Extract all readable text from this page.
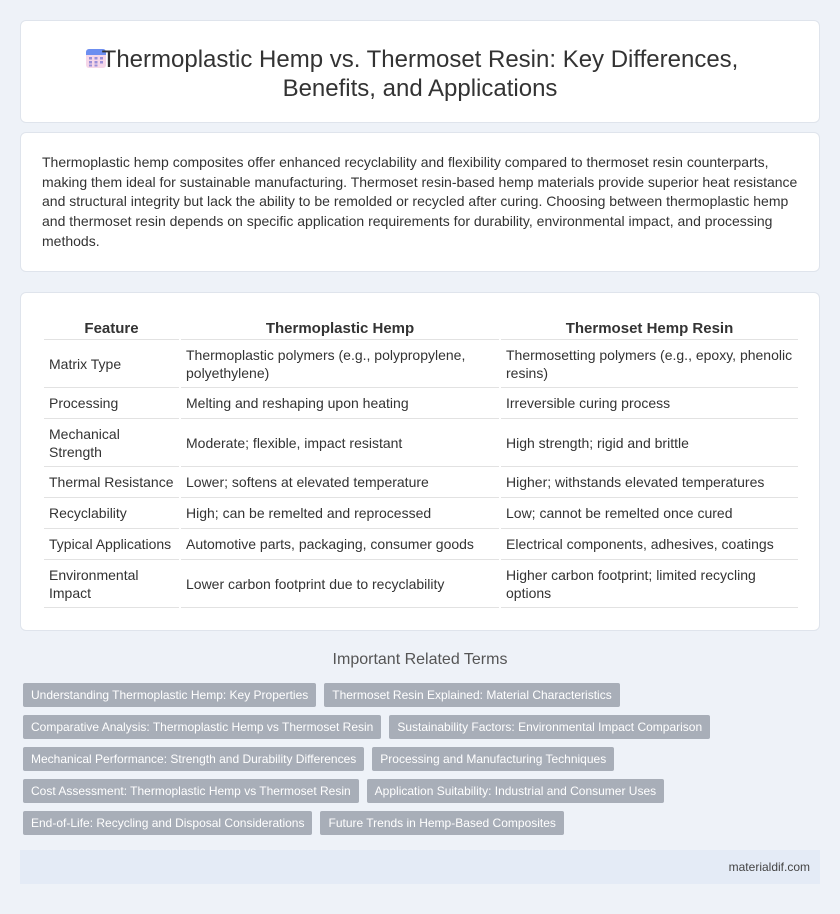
Thermoplastic Hemp vs. Thermoset Resin: Key Differences, Benefits, and Applications

Thermoplastic hemp composites offer enhanced recyclability and flexibility compared to thermoset resin counterparts, making them ideal for sustainable manufacturing. Thermoset resin-based hemp materials provide superior heat resistance and structural integrity but lack the ability to be remolded or recycled after curing. Choosing between thermoplastic hemp and thermoset resin depends on specific application requirements for durability, environmental impact, and processing methods.

Feature	Thermoplastic Hemp	Thermoset Hemp Resin
Matrix Type	Thermoplastic polymers (e.g., polypropylene, polyethylene)	Thermosetting polymers (e.g., epoxy, phenolic resins)
Processing	Melting and reshaping upon heating	Irreversible curing process
Mechanical Strength	Moderate; flexible, impact resistant	High strength; rigid and brittle
Thermal Resistance	Lower; softens at elevated temperature	Higher; withstands elevated temperatures
Recyclability	High; can be remelted and reprocessed	Low; cannot be remelted once cured
Typical Applications	Automotive parts, packaging, consumer goods	Electrical components, adhesives, coatings
Environmental Impact	Lower carbon footprint due to recyclability	Higher carbon footprint; limited recycling options
Important Related Terms
Understanding Thermoplastic Hemp: Key Properties	Thermoset Resin Explained: Material Characteristics
Comparative Analysis: Thermoplastic Hemp vs Thermoset Resin	Sustainability Factors: Environmental Impact Comparison
Mechanical Performance: Strength and Durability Differences	Processing and Manufacturing Techniques
Cost Assessment: Thermoplastic Hemp vs Thermoset Resin	Application Suitability: Industrial and Consumer Uses
End-of-Life: Recycling and Disposal Considerations	Future Trends in Hemp-Based Composites
materialdif.com
